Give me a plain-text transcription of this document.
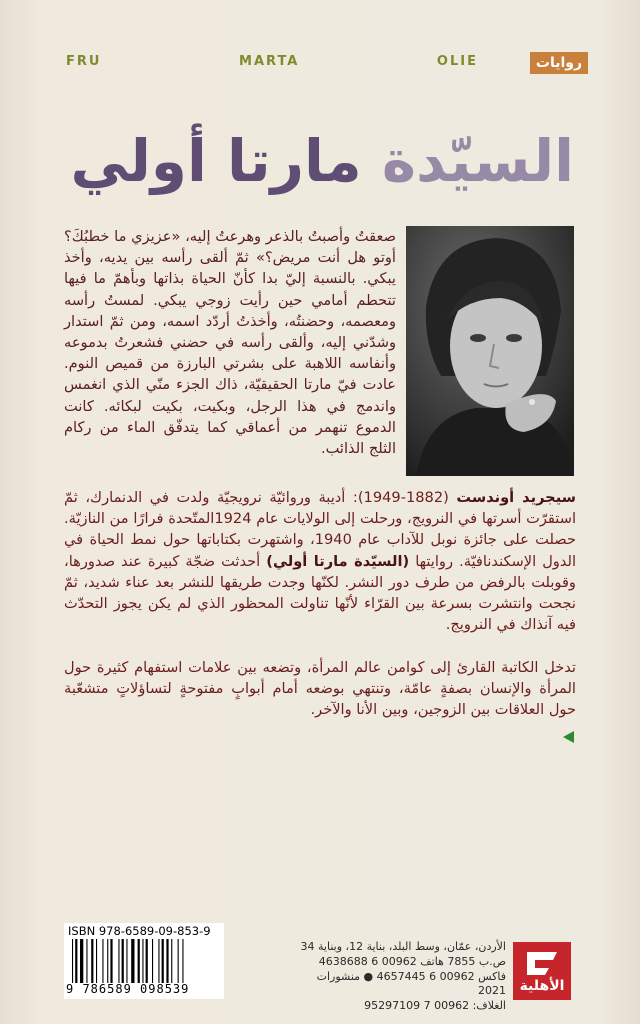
FRU	MARTA	OLIE	روايات
السيّدة مارتا أولي
صعقتُ وأصبتُ بالذعر وهرعتُ إليه، «عزيزي ما خطبُكَ؟ أوتو هل أنت مريض؟» ثمّ ألقى رأسه بين يديه، وأخذ يبكي. بالنسبة إليّ بدا كأنّ الحياة بذاتها وبأهمّ ما فيها تتحطم أمامي حين رأيت زوجي يبكي. لمستُ رأسه ومعصمه، وحضنتُه، وأخذتُ أردّد اسمه، ومن ثمّ استدار وشدّني إليه، وألقى رأسه في حضني فشعرتُ بدموعه وأنفاسه اللاهبة على بشرتي البارزة من قميص النوم. عادت فيّ مارتا الحقيقيّة، ذاك الجزء منّي الذي انغمس واندمج في هذا الرجل، وبكيت، بكيت لبكائه. كانت الدموع تنهمر من أعماقي كما يتدفّق الماء من ركام الثلج الذائب.
سيجريد أوندست (1882-1949): أديبة وروائيّة نرويجيّة ولدت في الدنمارك، ثمّ استقرّت أسرتها في النرويج، ورحلت إلى الولايات عام 1924المتّحدة فرارًا من النازيّة. حصلت على جائزة نوبل للآداب عام 1940، واشتهرت بكتاباتها حول نمط الحياة في الدول الإسكندنافيّة. روايتها (السيّدة مارتا أولي) أحدثت ضجّة كبيرة عند صدورها، وقوبلت بالرفض من طرف دور النشر. لكنّها وجدت طريقها للنشر بعد عناء شديد، ثمّ نجحت وانتشرت بسرعة بين القرّاء لأنّها تناولت المحظور الذي لم يكن يجوز التحدّث فيه آنذاك في النرويج.
تدخل الكاتبة القارئ إلى كوامن عالم المرأة، وتضعه بين علامات استفهام كثيرة حول المرأة والإنسان بصفةٍ عامّة، وتنتهي بوضعه أمام أبوابٍ مفتوحةٍ لتساؤلاتٍ متشعّبة حول العلاقات بين الزوجين، وبين الأنا والآخر.
ISBN 978-6589-09-853-9
9 786589 098539
الأردن، عمّان، وسط البلد، بناية 12، وبناية 34
ص.ب 7855 هاتف 00962 6 4638688
فاكس 00962 6 4657445 ● منشورات 2021
الغلاف: 00962 7 95297109
الأهلية
